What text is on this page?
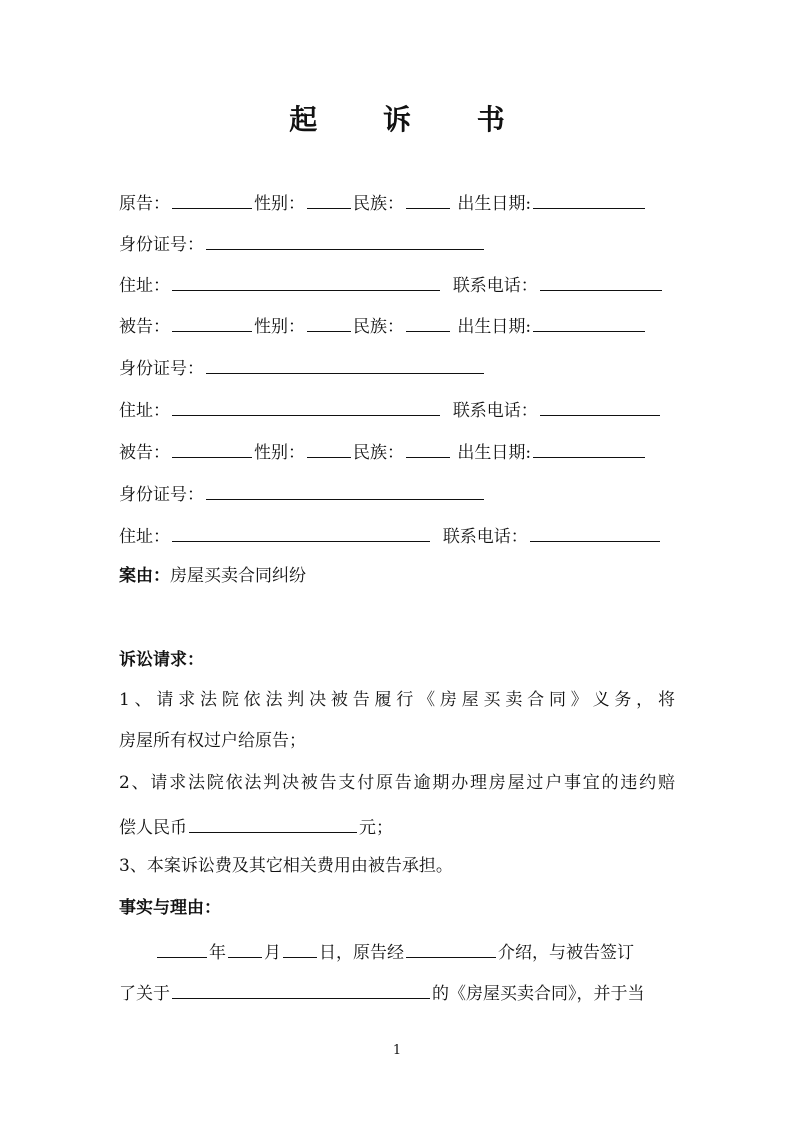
起 诉 书
原告：	性别：	民族：	出生日期:
身份证号：
住址：	联系电话：
被告：	性别：	民族：	出生日期:
身份证号：
住址：	联系电话：
被告：	性别：	民族：	出生日期:
身份证号：
住址：	联系电话：
案由：房屋买卖合同纠纷
诉讼请求：
1、请求法院依法判决被告履行《房屋买卖合同》义务，将
房屋所有权过户给原告；
2、请求法院依法判决被告支付原告逾期办理房屋过户事宜的违约赔
偿人民币	元；
3、本案诉讼费及其它相关费用由被告承担。
事实与理由：
年 月 日，原告经	介绍，与被告签订
了关于	的《房屋买卖合同》，并于当
1
